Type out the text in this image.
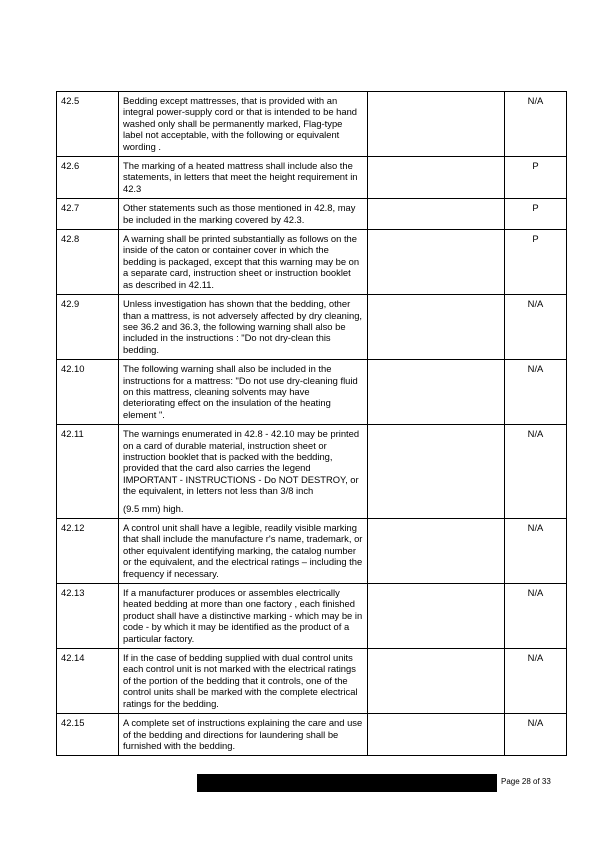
42.5	Bedding except mattresses, that is provided with an integral power-supply cord or that is intended to be hand washed only shall be permanently marked, Flag-type label not acceptable, with the following or equivalent wording .		N/A
42.6	The marking of a heated mattress shall include also the statements, in letters that meet the height requirement in 42.3		P
42.7	Other statements such as those mentioned in 42.8, may be included in the marking covered by 42.3.		P
42.8	A warning shall be printed substantially as follows on the inside of the caton or container cover in which the bedding is packaged, except that this warning may be on a separate card, instruction sheet or instruction booklet as described in 42.11.		P
42.9	Unless investigation has shown that the bedding, other than a mattress, is not adversely affected by dry cleaning, see 36.2 and 36.3, the following warning shall also be included in the instructions : "Do not dry-clean this bedding.		N/A
42.10	The following warning shall also be included in the instructions for a mattress: "Do not use dry-cleaning fluid on this mattress, cleaning solvents may have deteriorating effect on the insulation of the heating element ".		N/A
42.11	The warnings enumerated in 42.8 - 42.10 may be printed on a card of durable material, instruction sheet or instruction booklet that is packed with the bedding, provided that the card also carries the legend IMPORTANT - INSTRUCTIONS - Do NOT DESTROY, or the equivalent, in letters not less than 3/8 inch
(9.5 mm) high.		N/A
42.12	A control unit shall have a legible, readily visible marking that shall include the manufacture r's name, trademark, or other equivalent identifying marking, the catalog number or the equivalent, and the electrical ratings – including the frequency if necessary.		N/A
42.13	If a manufacturer produces or assembles electrically heated bedding at more than one factory , each finished product shall have a distinctive marking - which may be in code - by which it may be identified as the product of a particular factory.		N/A
42.14	If in the case of bedding supplied with dual control units each control unit is not marked with the electrical ratings of the portion of the bedding that it controls, one of the control units shall be marked with the complete electrical ratings for the bedding.		N/A
42.15	A complete set of instructions explaining the care and use of the bedding and directions for laundering shall be furnished with the bedding.		N/A
Page 28 of 33
